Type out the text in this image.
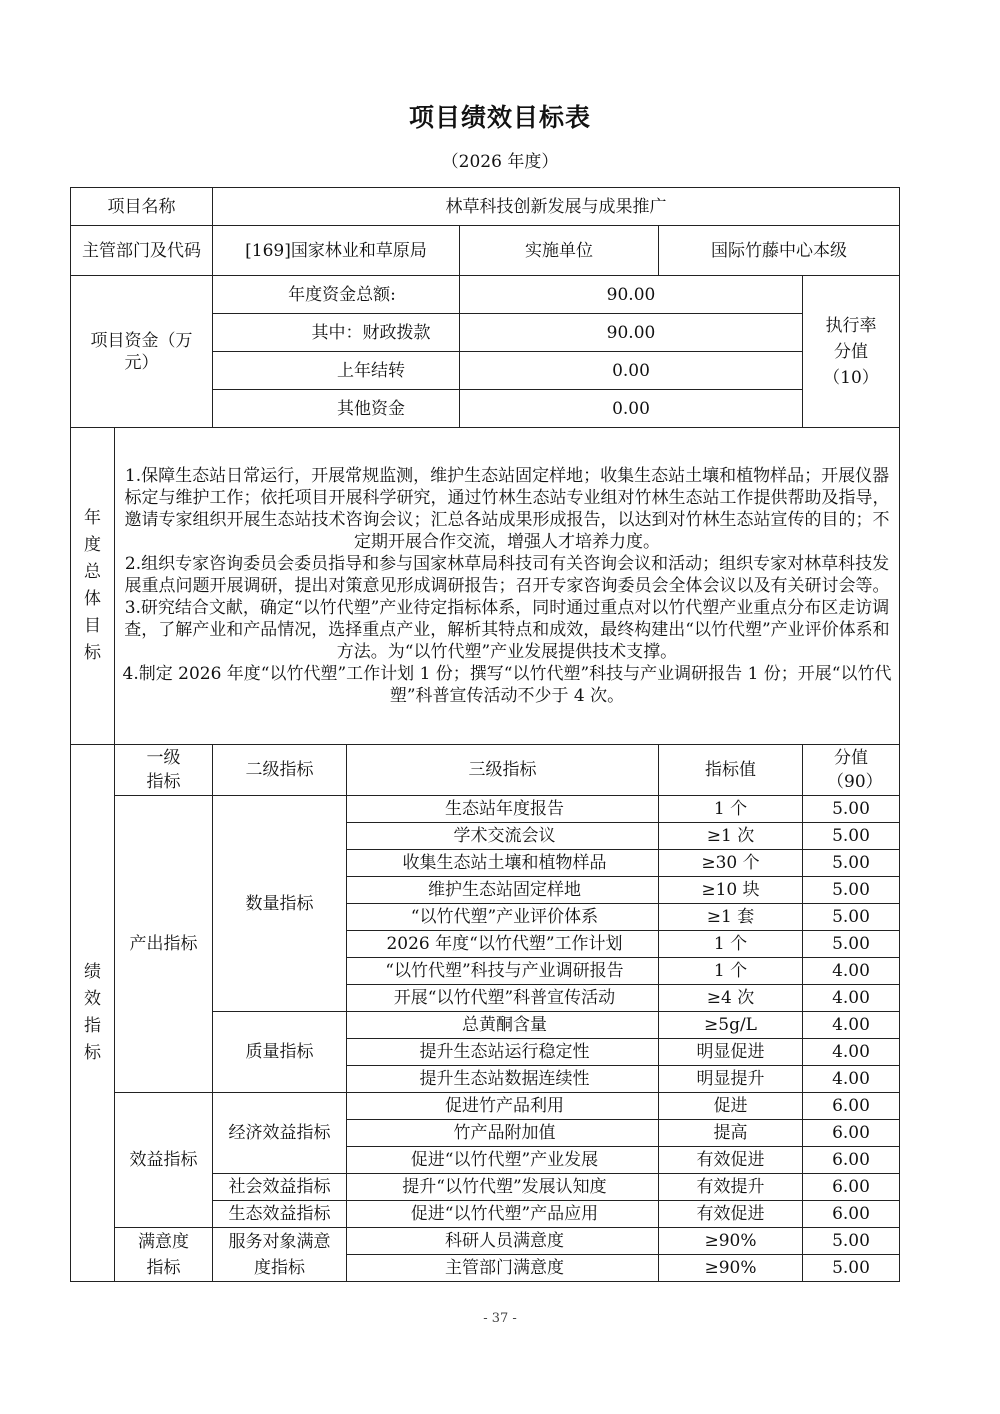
项目绩效目标表
（2026 年度）
项目名称		林草科技创新发展与成果推广				
主管部门及代码		[169]国家林业和草原局		实施单位	国际竹藤中心本级	
项目资金（万元）		年度资金总额:		90.00		执行率分值（10）
		其中：财政拨款		90.00		
		上年结转		0.00		
		其他资金		0.00		

年度总体目标	1.保障生态站日常运行，开展常规监测，维护生态站固定样地；收集生态站土壤和植物样品；开展仪器标定与维护工作；依托项目开展科学研究，通过竹林生态站专业组对竹林生态站工作提供帮助及指导，邀请专家组织开展生态站技术咨询会议；汇总各站成果形成报告，以达到对竹林生态站宣传的目的；不定期开展合作交流，增强人才培养力度。

2.组织专家咨询委员会委员指导和参与国家林草局科技司有关咨询会议和活动；组织专家对林草科技发展重点问题开展调研，提出对策意见形成调研报告；召开专家咨询委员会全体会议以及有关研讨会等。

3.研究结合文献，确定“以竹代塑”产业待定指标体系，同时通过重点对以竹代塑产业重点分布区走访调查，了解产业和产品情况，选择重点产业，解析其特点和成效，最终构建出“以竹代塑”产业评价体系和方法。为“以竹代塑”产业发展提供技术支撑。

4.制定 2026 年度“以竹代塑”工作计划 1 份；撰写“以竹代塑”科技与产业调研报告 1 份；开展“以竹代塑”科普宣传活动不少于 4 次。					

绩效指标	一级指标	二级指标	三级指标		指标值	分值（90）
	产出指标	数量指标	生态站年度报告		1 个	5.00
			学术交流会议		≥1 次	5.00
			收集生态站土壤和植物样品		≥30 个	5.00
			维护生态站固定样地		≥10 块	5.00
			“以竹代塑”产业评价体系		≥1 套	5.00
			2026 年度“以竹代塑”工作计划		1 个	5.00
			“以竹代塑”科技与产业调研报告		1 个	4.00
			开展“以竹代塑”科普宣传活动		≥4 次	4.00
		质量指标	总黄酮含量		≥5g/L	4.00
			提升生态站运行稳定性		明显促进	4.00
			提升生态站数据连续性		明显提升	4.00
	效益指标	经济效益指标	促进竹产品利用		促进	6.00
			竹产品附加值		提高	6.00
			促进“以竹代塑”产业发展		有效促进	6.00
		社会效益指标	提升“以竹代塑”发展认知度		有效提升	6.00
		生态效益指标	促进“以竹代塑”产品应用		有效促进	6.00
	满意度指标	服务对象满意度指标	科研人员满意度		≥90%	5.00
			主管部门满意度		≥90%	5.00
- 37 -
